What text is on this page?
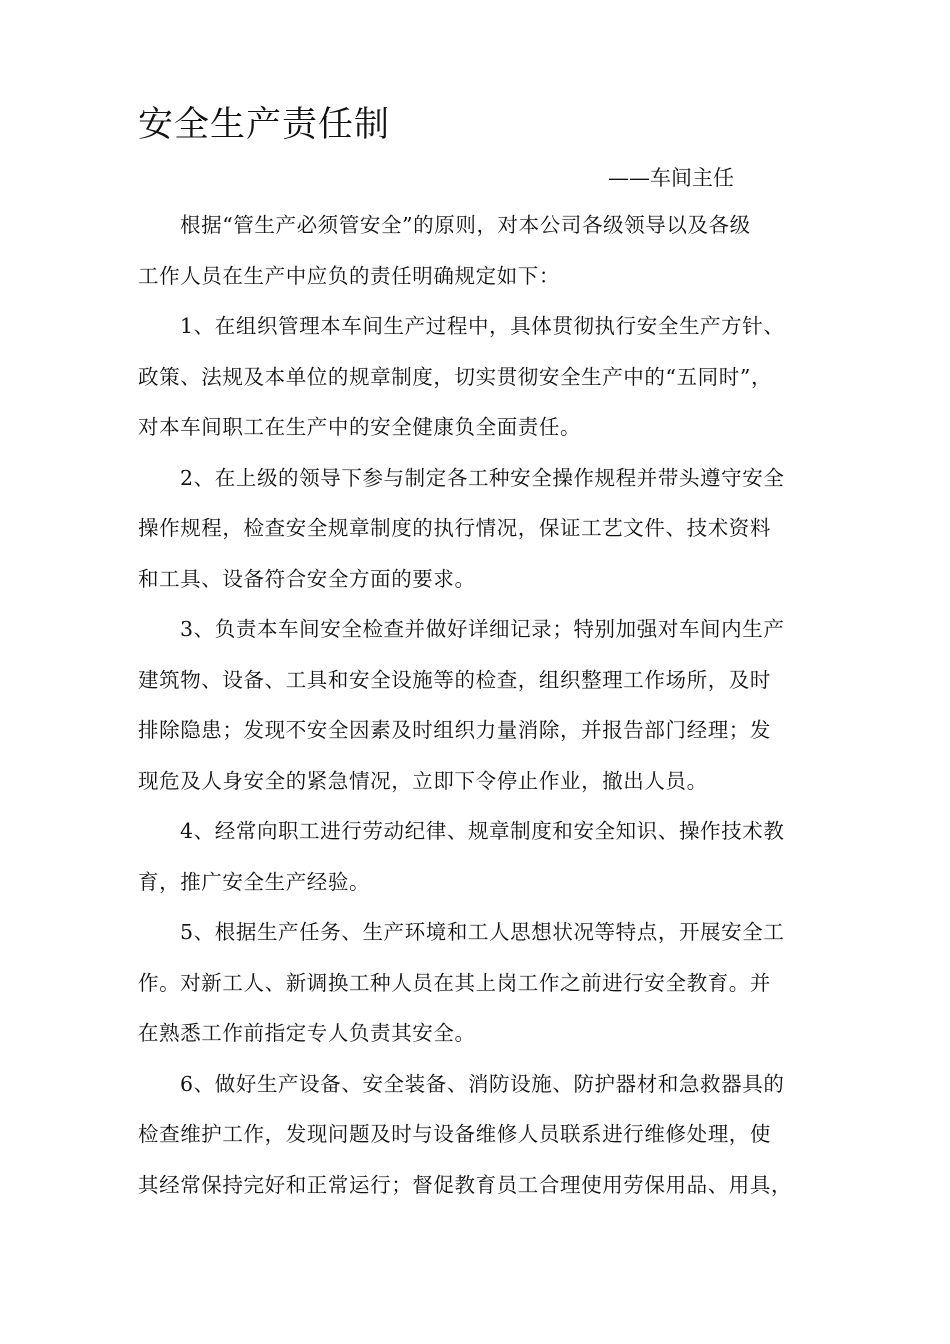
安全生产责任制
——车间主任
根据“管生产必须管安全”的原则，对本公司各级领导以及各级
工作人员在生产中应负的责任明确规定如下：
1、在组织管理本车间生产过程中，具体贯彻执行安全生产方针、
政策、法规及本单位的规章制度，切实贯彻安全生产中的“五同时”，
对本车间职工在生产中的安全健康负全面责任。
2、在上级的领导下参与制定各工种安全操作规程并带头遵守安全
操作规程，检查安全规章制度的执行情况，保证工艺文件、技术资料
和工具、设备符合安全方面的要求。
3、负责本车间安全检查并做好详细记录；特别加强对车间内生产
建筑物、设备、工具和安全设施等的检查，组织整理工作场所，及时
排除隐患；发现不安全因素及时组织力量消除，并报告部门经理；发
现危及人身安全的紧急情况，立即下令停止作业，撤出人员。
4、经常向职工进行劳动纪律、规章制度和安全知识、操作技术教
育，推广安全生产经验。
5、根据生产任务、生产环境和工人思想状况等特点，开展安全工
作。对新工人、新调换工种人员在其上岗工作之前进行安全教育。并
在熟悉工作前指定专人负责其安全。
6、做好生产设备、安全装备、消防设施、防护器材和急救器具的
检查维护工作，发现问题及时与设备维修人员联系进行维修处理，使
其经常保持完好和正常运行；督促教育员工合理使用劳保用品、用具，
